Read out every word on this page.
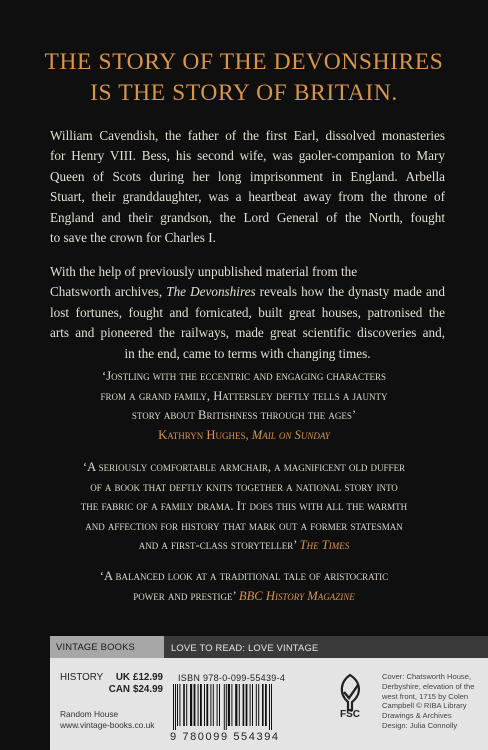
THE STORY OF THE DEVONSHIRES
IS THE STORY OF BRITAIN.
William Cavendish, the father of the first Earl, dissolved monasteries
for Henry VIII. Bess, his second wife, was gaoler-companion to Mary
Queen of Scots during her long imprisonment in England. Arbella
Stuart, their granddaughter, was a heartbeat away from the throne of
England and their grandson, the Lord General of the North, fought
to save the crown for Charles I.
With the help of previously unpublished material from the
Chatsworth archives, The Devonshires reveals how the dynasty made and
lost fortunes, fought and fornicated, built great houses, patronised the
arts and pioneered the railways, made great scientific discoveries and,
in the end, came to terms with changing times.
‘Jostling with the eccentric and engaging characters
from a grand family, Hattersley deftly tells a jaunty
story about Britishness through the ages’
Kathryn Hughes, Mail on Sunday
‘A seriously comfortable armchair, a magnificent old duffer
of a book that deftly knits together a national story into
the fabric of a family drama. It does this with all the warmth
and affection for history that mark out a former statesman
and a first-class storyteller’ The Times
‘A balanced look at a traditional tale of aristocratic
power and prestige’ BBC History Magazine
VINTAGE BOOKS	LOVE TO READ: LOVE VINTAGE
HISTORY UK £12.99
CAN $24.99
Random House
www.vintage-books.co.uk
ISBN 978-0-099-55439-4
9 780099 554394
FSC
Cover: Chatsworth House,
Derbyshire, elevation of the
west front, 1715 by Colen
Campbell © RIBA Library
Drawings & Archives
Design: Julia Connolly
